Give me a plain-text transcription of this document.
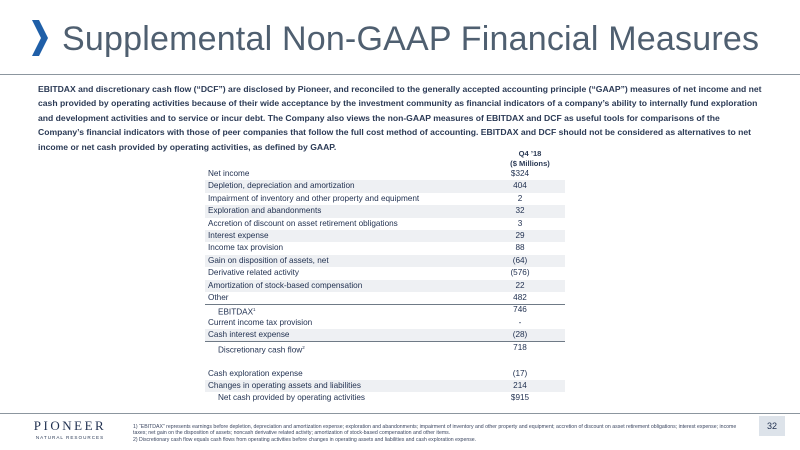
Supplemental Non-GAAP Financial Measures
EBITDAX and discretionary cash flow (“DCF”) are disclosed by Pioneer, and reconciled to the generally accepted accounting principle (“GAAP”) measures of net income and net cash provided by operating activities because of their wide acceptance by the investment community as financial indicators of a company’s ability to internally fund exploration and development activities and to service or incur debt. The Company also views the non-GAAP measures of EBITDAX and DCF as useful tools for comparisons of the Company’s financial indicators with those of peer companies that follow the full cost method of accounting. EBITDAX and DCF should not be considered as alternatives to net income or net cash provided by operating activities, as defined by GAAP.
Q4 ’18
($ Millions)
Net income	$324
Depletion, depreciation and amortization	404
Impairment of inventory and other property and equipment	2
Exploration and abandonments	32
Accretion of discount on asset retirement obligations	3
Interest expense	29
Income tax provision	88
Gain on disposition of assets, net	(64)
Derivative related activity	(576)
Amortization of stock-based compensation	22
Other	482
EBITDAX$^1$	746
Current income tax provision	-
Cash interest expense	(28)
Discretionary cash flow$^2$	718
Cash exploration expense	(17)
Changes in operating assets and liabilities	214
Net cash provided by operating activities	$915
PIONEER
NATURAL RESOURCES
1) “EBITDAX” represents earnings before depletion, depreciation and amortization expense; exploration and abandonments; impairment of inventory and other property and equipment; accretion of discount on asset retirement obligations; interest expense; income taxes; net gain on the disposition of assets; noncash derivative related activity; amortization of stock-based compensation and other items.
2) Discretionary cash flow equals cash flows from operating activities before changes in operating assets and liabilities and cash exploration expense.
32
